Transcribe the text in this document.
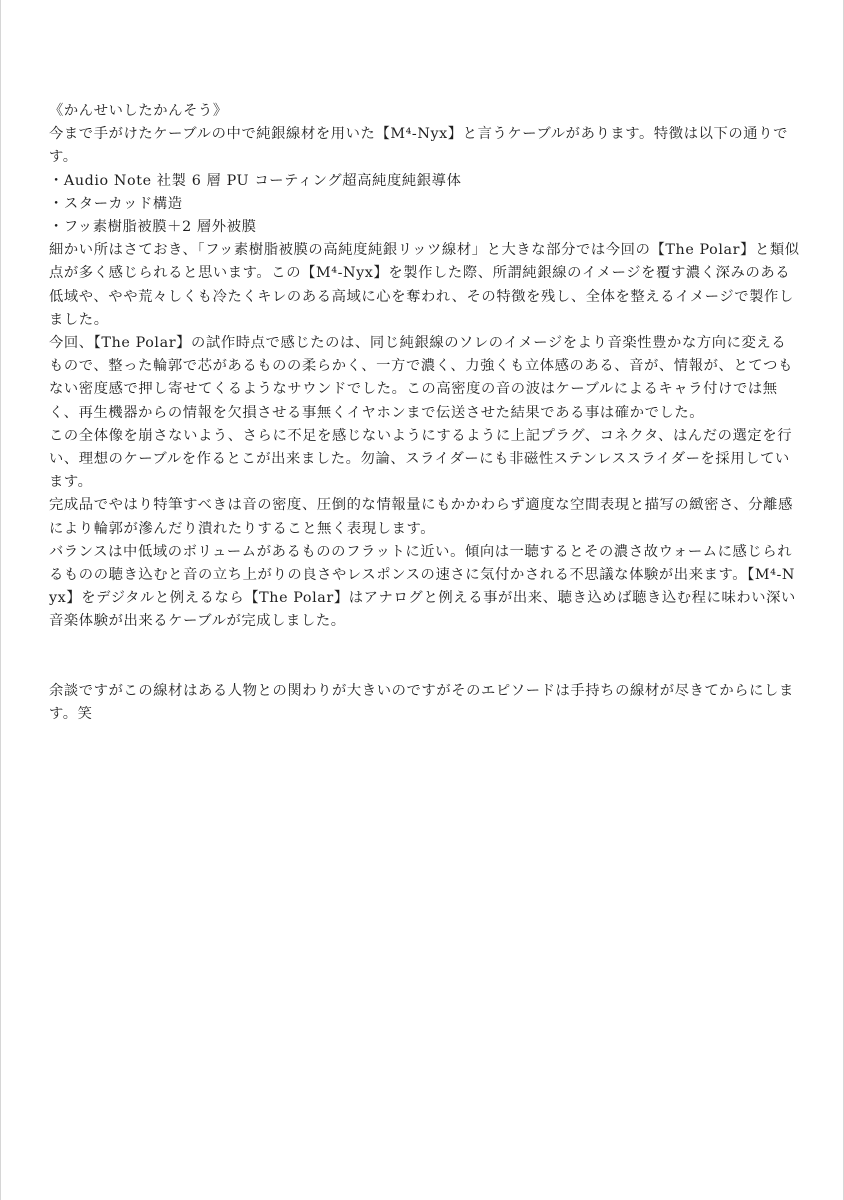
《かんせいしたかんそう》

今まで手がけたケーブルの中で純銀線材を用いた【M⁴-Nyx】と言うケーブルがあります。特徴は以下の通りです。

・Audio Note 社製 6 層 PU コーティング超高純度純銀導体

・スターカッド構造

・フッ素樹脂被膜＋2 層外被膜

細かい所はさておき、「フッ素樹脂被膜の高純度純銀リッツ線材」と大きな部分では今回の【The Polar】と類似点が多く感じられると思います。この【M⁴-Nyx】を製作した際、所謂純銀線のイメージを覆す濃く深みのある低域や、やや荒々しくも冷たくキレのある高域に心を奪われ、その特徴を残し、全体を整えるイメージで製作しました。

今回、【The Polar】の試作時点で感じたのは、同じ純銀線のソレのイメージをより音楽性豊かな方向に変えるもので、整った輪郭で芯があるものの柔らかく、一方で濃く、力強くも立体感のある、音が、情報が、とてつもない密度感で押し寄せてくるようなサウンドでした。この高密度の音の波はケーブルによるキャラ付けでは無く、再生機器からの情報を欠損させる事無くイヤホンまで伝送させた結果である事は確かでした。

この全体像を崩さないよう、さらに不足を感じないようにするように上記プラグ、コネクタ、はんだの選定を行い、理想のケーブルを作るとこが出来ました。勿論、スライダーにも非磁性ステンレススライダーを採用しています。

完成品でやはり特筆すべきは音の密度、圧倒的な情報量にもかかわらず適度な空間表現と描写の緻密さ、分離感により輪郭が滲んだり潰れたりすること無く表現します。

バランスは中低域のボリュームがあるもののフラットに近い。傾向は一聴するとその濃さ故ウォームに感じられるものの聴き込むと音の立ち上がりの良さやレスポンスの速さに気付かされる不思議な体験が出来ます。【M⁴-Nyx】をデジタルと例えるなら【The Polar】はアナログと例える事が出来、聴き込めば聴き込む程に味わい深い音楽体験が出来るケーブルが完成しました。

余談ですがこの線材はある人物との関わりが大きいのですがそのエピソードは手持ちの線材が尽きてからにします。笑
